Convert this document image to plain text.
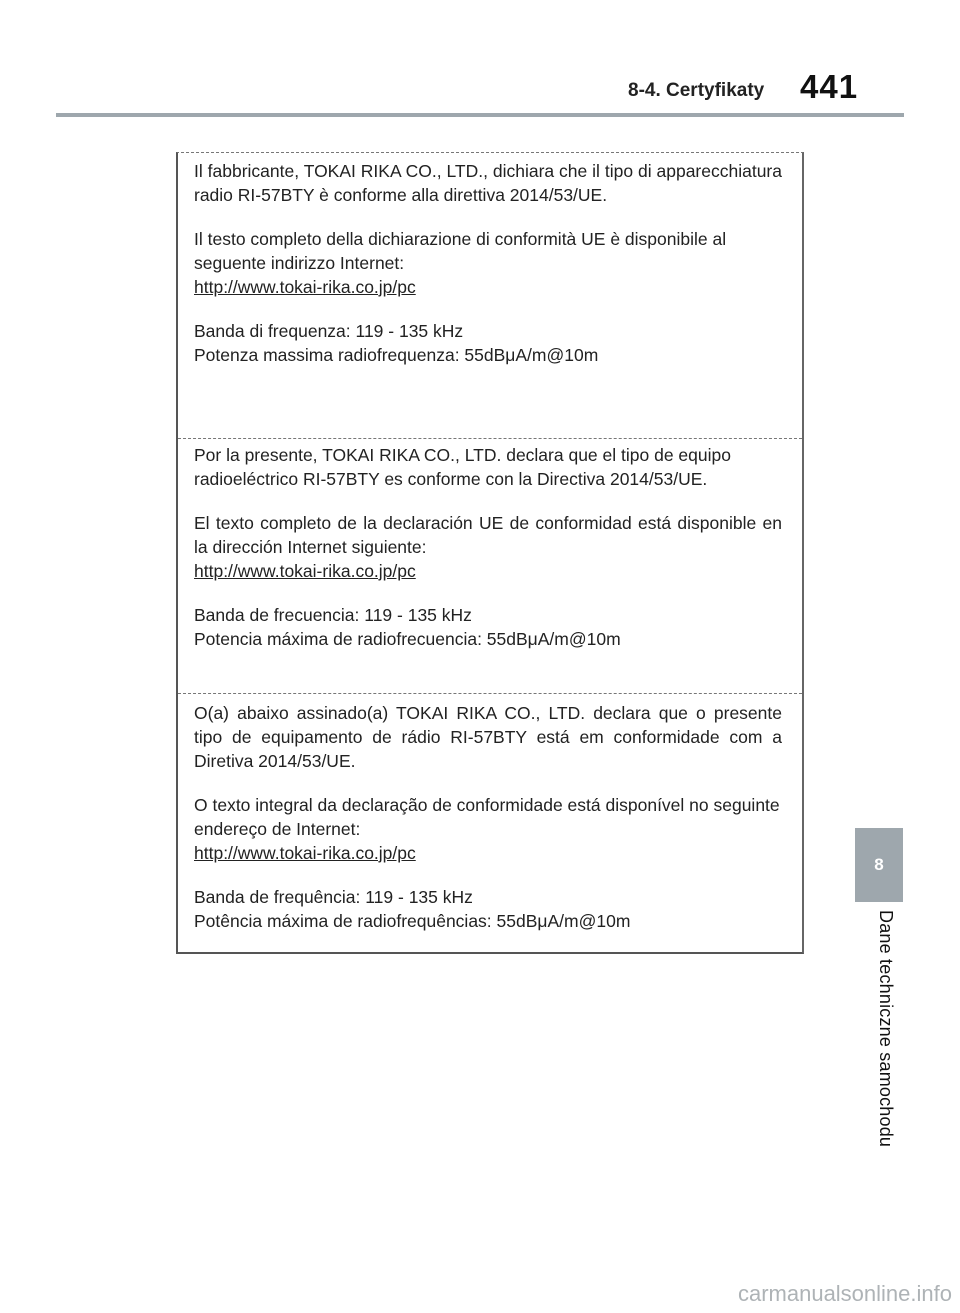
8-4. Certyfikaty 441

Il fabbricante, TOKAI RIKA CO., LTD., dichiara che il tipo di apparecchiatura radio RI-57BTY è conforme alla direttiva 2014/53/UE.

Il testo completo della dichiarazione di conformità UE è disponibile al seguente indirizzo Internet:

http://www.tokai-rika.co.jp/pc

Banda di frequenza: 119 - 135 kHz

Potenza massima radiofrequenza: 55dBμA/m@10m

Por la presente, TOKAI RIKA CO., LTD. declara que el tipo de equipo radioeléctrico RI-57BTY es conforme con la Directiva 2014/53/UE.

El texto completo de la declaración UE de conformidad está disponible en la dirección Internet siguiente:

http://www.tokai-rika.co.jp/pc

Banda de frecuencia: 119 - 135 kHz

Potencia máxima de radiofrecuencia: 55dBμA/m@10m

O(a) abaixo assinado(a) TOKAI RIKA CO., LTD. declara que o presente tipo de equipamento de rádio RI-57BTY está em conformidade com a Diretiva 2014/53/UE.

O texto integral da declaração de conformidade está disponível no seguinte endereço de Internet:

http://www.tokai-rika.co.jp/pc

Banda de frequência: 119 - 135 kHz

Potência máxima de radiofrequências: 55dBμA/m@10m

8
Dane techniczne samochodu
carmanualsonline.info
